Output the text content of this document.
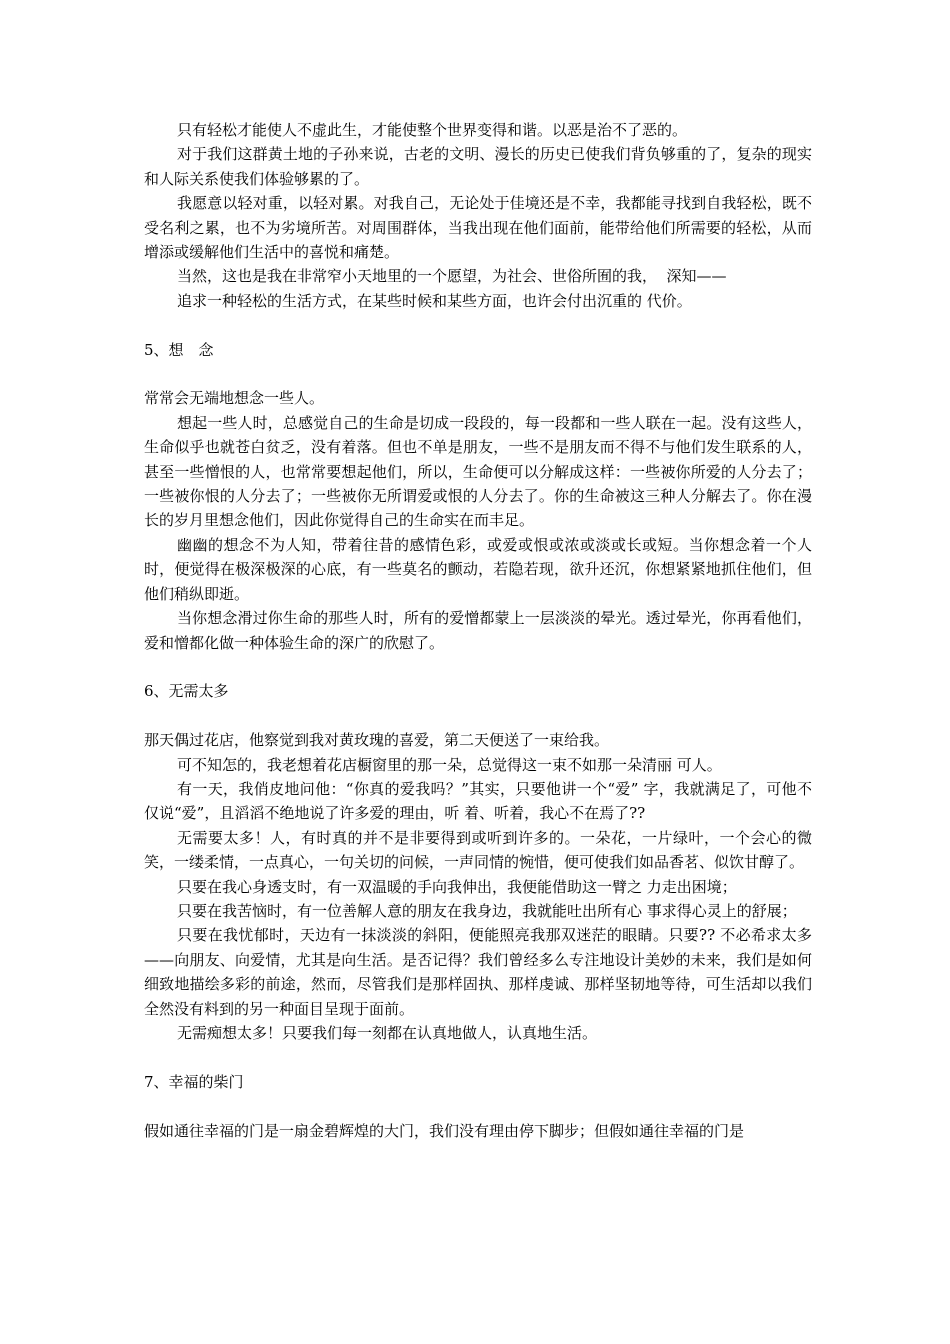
只有轻松才能使人不虚此生，才能使整个世界变得和谐。以恶是治不了恶的。

对于我们这群黄土地的子孙来说，古老的文明、漫长的历史已使我们背负够重的了，复杂的现实和人际关系使我们体验够累的了。

我愿意以轻对重，以轻对累。对我自己，无论处于佳境还是不幸，我都能寻找到自我轻松，既不受名利之累，也不为劣境所苦。对周围群体，当我出现在他们面前，能带给他们所需要的轻松，从而增添或缓解他们生活中的喜悦和痛楚。

当然，这也是我在非常窄小天地里的一个愿望，为社会、世俗所囿的我，  深知——

追求一种轻松的生活方式，在某些时候和某些方面，也许会付出沉重的 代价。

5、想　念

常常会无端地想念一些人。

想起一些人时，总感觉自己的生命是切成一段段的，每一段都和一些人联在一起。没有这些人，生命似乎也就苍白贫乏，没有着落。但也不单是朋友，一些不是朋友而不得不与他们发生联系的人，甚至一些憎恨的人，也常常要想起他们，所以，生命便可以分解成这样：一些被你所爱的人分去了；一些被你恨的人分去了；一些被你无所谓爱或恨的人分去了。你的生命被这三种人分解去了。你在漫长的岁月里想念他们，因此你觉得自己的生命实在而丰足。

幽幽的想念不为人知，带着往昔的感情色彩，或爱或恨或浓或淡或长或短。当你想念着一个人时，便觉得在极深极深的心底，有一些莫名的颤动，若隐若现，欲升还沉，你想紧紧地抓住他们，但他们稍纵即逝。

当你想念滑过你生命的那些人时，所有的爱憎都蒙上一层淡淡的晕光。透过晕光，你再看他们，爱和憎都化做一种体验生命的深广的欣慰了。

6、无需太多

那天偶过花店，他察觉到我对黄玫瑰的喜爱，第二天便送了一束给我。

可不知怎的，我老想着花店橱窗里的那一朵，总觉得这一束不如那一朵清丽 可人。

有一天，我俏皮地问他：“你真的爱我吗？”其实，只要他讲一个“爱” 字，我就满足了，可他不仅说“爱”，且滔滔不绝地说了许多爱的理由，听 着、听着，我心不在焉了??

无需要太多！人，有时真的并不是非要得到或听到许多的。一朵花，一片绿叶，一个会心的微笑，一缕柔情，一点真心，一句关切的问候，一声同情的惋惜，便可使我们如品香茗、似饮甘醇了。

只要在我心身透支时，有一双温暖的手向我伸出，我便能借助这一臂之 力走出困境；

只要在我苦恼时，有一位善解人意的朋友在我身边，我就能吐出所有心 事求得心灵上的舒展；

只要在我忧郁时，天边有一抹淡淡的斜阳，便能照亮我那双迷茫的眼睛。只要?? 不必希求太多——向朋友、向爱情，尤其是向生活。是否记得？我们曾经多么专注地设计美妙的未来，我们是如何细致地描绘多彩的前途，然而，尽管我们是那样固执、那样虔诚、那样坚韧地等待，可生活却以我们全然没有料到的另一种面目呈现于面前。

无需痴想太多！只要我们每一刻都在认真地做人，认真地生活。

7、幸福的柴门

假如通往幸福的门是一扇金碧辉煌的大门，我们没有理由停下脚步；但假如通往幸福的门是
